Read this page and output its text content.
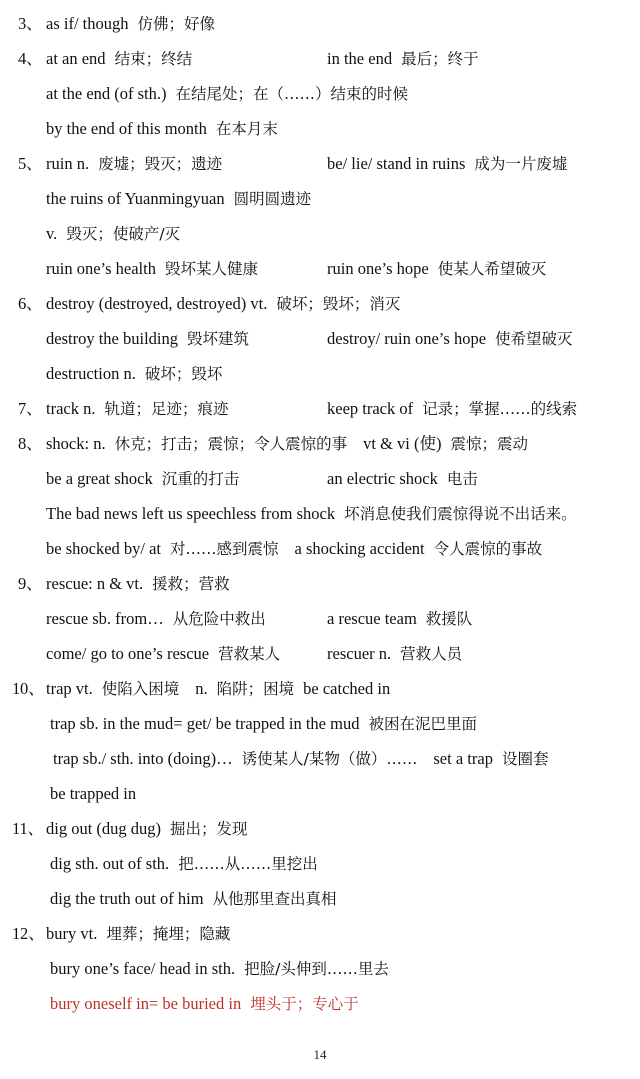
3、 as if/ though 仿佛；好像
4、 at an end 结束；终结	in the end 最后；终于
at the end (of sth.) 在结尾处；在（……）结束的时候
by the end of this month 在本月末
5、 ruin n. 废墟；毁灭；遗迹	be/ lie/ stand in ruins 成为一片废墟
the ruins of Yuanmingyuan 圆明圆遗迹
v. 毁灭；使破产/灭
ruin one’s health 毁坏某人健康	ruin one’s hope 使某人希望破灭
6、 destroy (destroyed, destroyed) vt. 破坏；毁坏；消灭
destroy the building 毁坏建筑	destroy/ ruin one’s hope 使希望破灭
destruction n. 破坏；毁坏
7、 track n. 轨道；足迹；痕迹	keep track of 记录；掌握……的线索
8、 shock: n. 休克；打击；震惊；令人震惊的事 vt & vi (使) 震惊；震动
be a great shock 沉重的打击	an electric shock 电击
The bad news left us speechless from shock 坏消息使我们震惊得说不出话来。
be shocked by/ at 对……感到震惊 a shocking accident 令人震惊的事故
9、 rescue: n & vt. 援救；营救
rescue sb. from… 从危险中救出	a rescue team 救援队
come/ go to one’s rescue 营救某人	rescuer n. 营救人员
10、 trap vt. 使陷入困境 n. 陷阱；困境 be catched in
trap sb. in the mud= get/ be trapped in the mud 被困在泥巴里面
trap sb./ sth. into (doing)… 诱使某人/某物（做）…… set a trap 设圈套
be trapped in
11、 dig out (dug dug) 掘出；发现
dig sth. out of sth. 把……从……里挖出
dig the truth out of him 从他那里查出真相
12、 bury vt. 埋葬；掩埋；隐藏
bury one’s face/ head in sth. 把脸/头伸到……里去
bury oneself in= be buried in 埋头于；专心于
14
